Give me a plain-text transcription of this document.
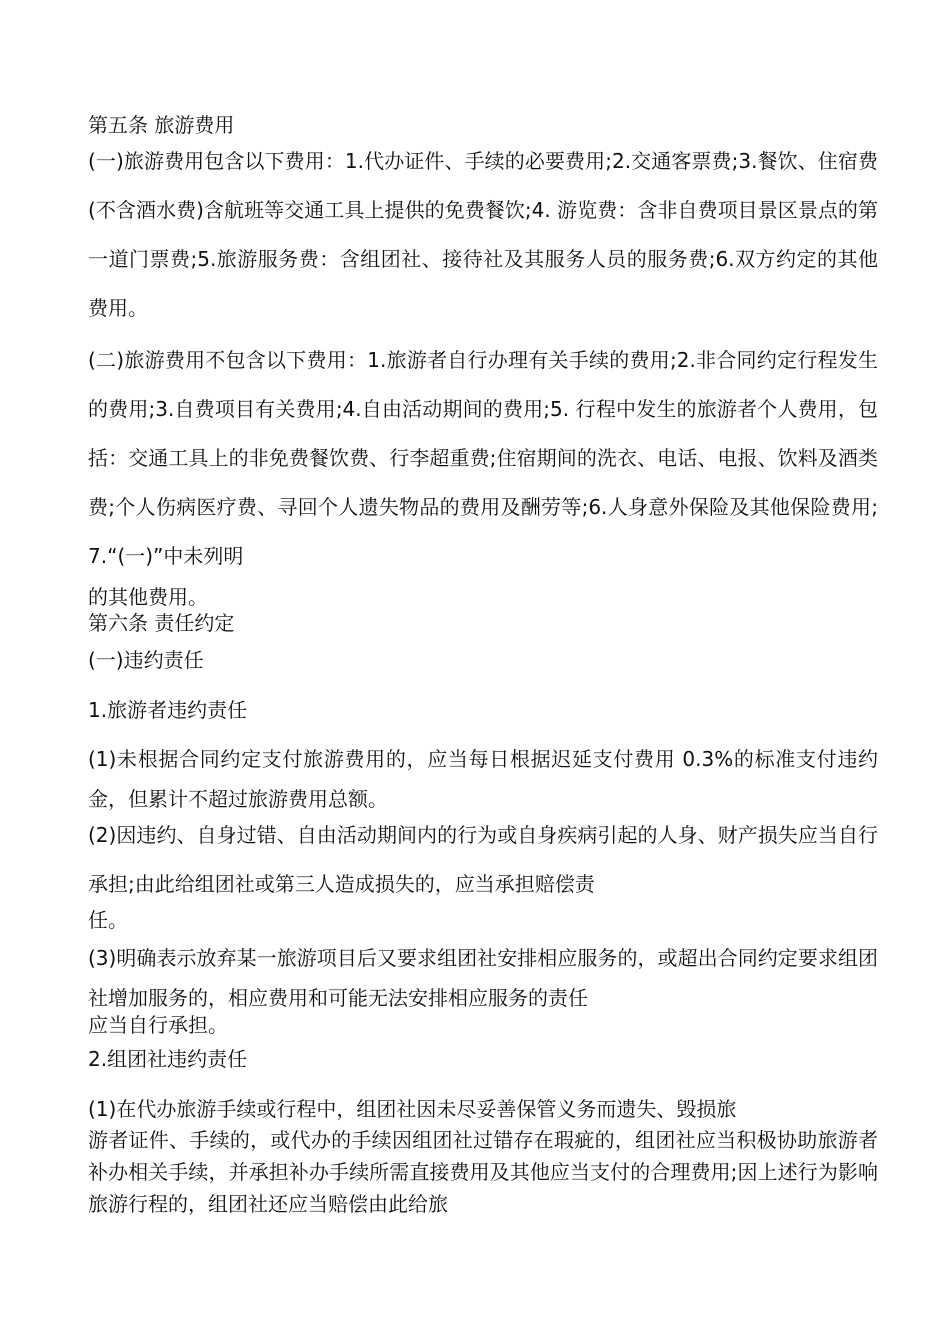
第五条 旅游费用

(一)旅游费用包含以下费用：1.代办证件、手续的必要费用;2.交通客票费;3.餐饮、住宿费(不含酒水费)含航班等交通工具上提供的免费餐饮;4. 游览费：含非自费项目景区景点的第一道门票费;5.旅游服务费：含组团社、接待社及其服务人员的服务费;6.双方约定的其他费用。

(二)旅游费用不包含以下费用：1.旅游者自行办理有关手续的费用;2.非合同约定行程发生的费用;3.自费项目有关费用;4.自由活动期间的费用;5. 行程中发生的旅游者个人费用，包括：交通工具上的非免费餐饮费、行李超重费;住宿期间的洗衣、电话、电报、饮料及酒类费;个人伤病医疗费、寻回个人遗失物品的费用及酬劳等;6.人身意外保险及其他保险费用;7.“(一)”中未列明

的其他费用。

第六条 责任约定

(一)违约责任

1.旅游者违约责任

(1)未根据合同约定支付旅游费用的，应当每日根据迟延支付费用 0.3%的标准支付违约金，但累计不超过旅游费用总额。

(2)因违约、自身过错、自由活动期间内的行为或自身疾病引起的人身、财产损失应当自行承担;由此给组团社或第三人造成损失的，应当承担赔偿责

任。

(3)明确表示放弃某一旅游项目后又要求组团社安排相应服务的，或超出合同约定要求组团社增加服务的，相应费用和可能无法安排相应服务的责任

应当自行承担。

2.组团社违约责任

(1)在代办旅游手续或行程中，组团社因未尽妥善保管义务而遗失、毁损旅

游者证件、手续的，或代办的手续因组团社过错存在瑕疵的，组团社应当积极协助旅游者补办相关手续，并承担补办手续所需直接费用及其他应当支付的合理费用;因上述行为影响旅游行程的，组团社还应当赔偿由此给旅
